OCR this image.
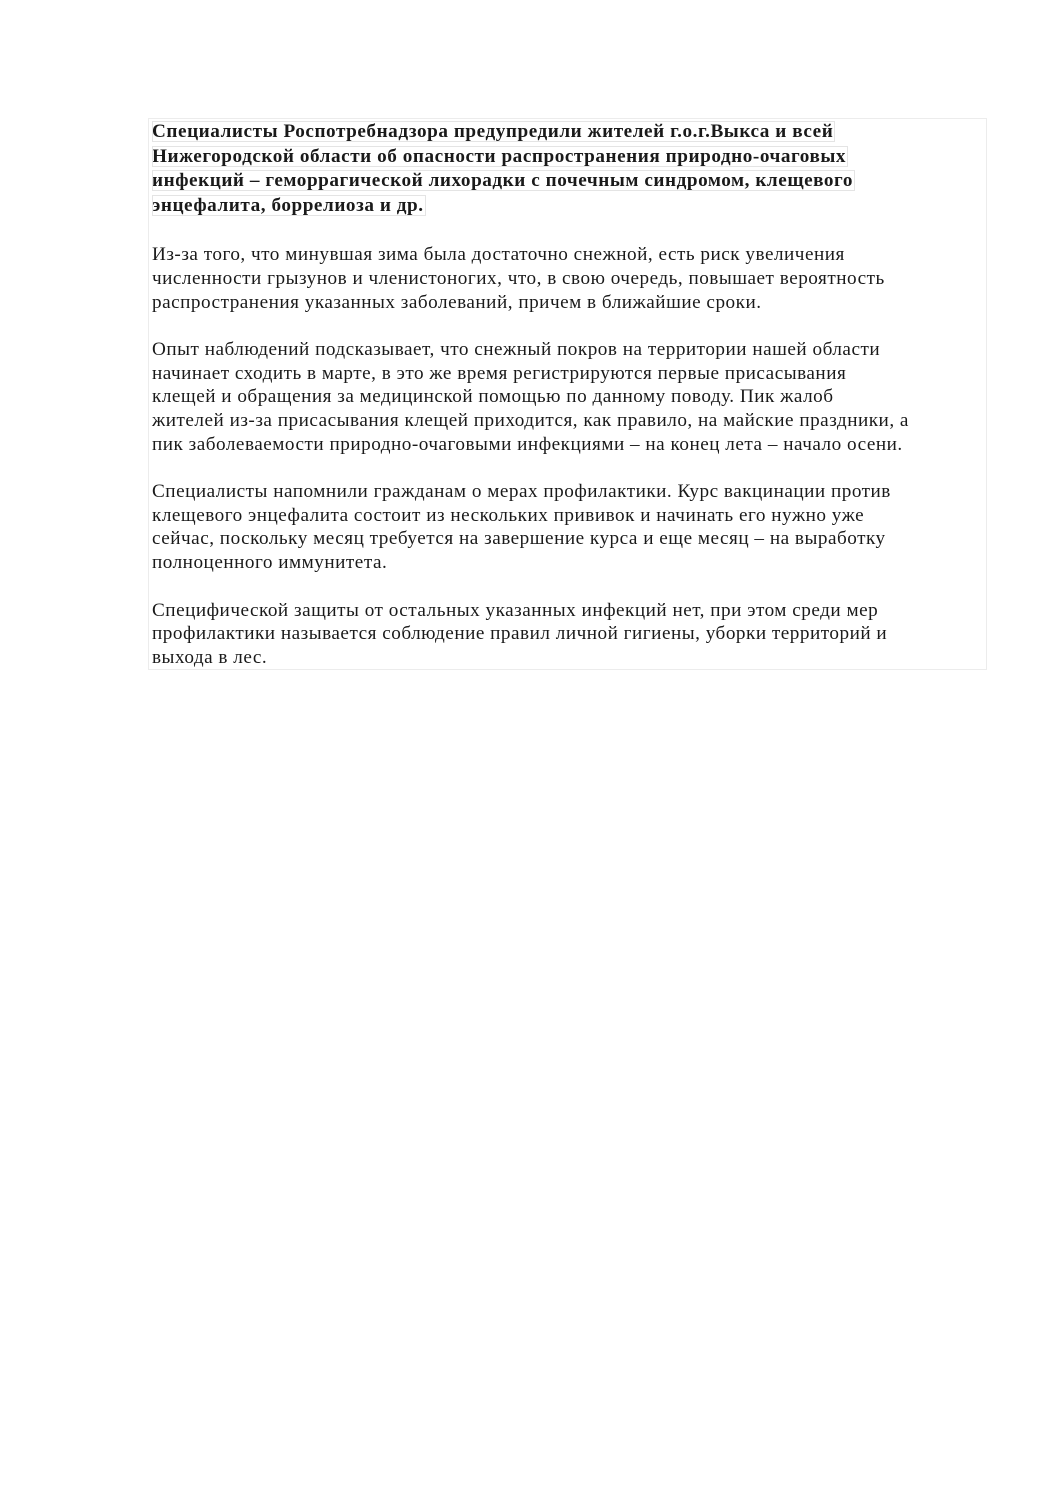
Специалисты Роспотребнадзора предупредили жителей г.о.г.Выкса и всей
Нижегородской области об опасности распространения природно-очаговых
инфекций – геморрагической лихорадки с почечным синдромом, клещевого
энцефалита, боррелиоза и др.
Из-за того, что минувшая зима была достаточно снежной, есть риск увеличения
численности грызунов и членистоногих, что, в свою очередь, повышает вероятность
распространения указанных заболеваний, причем в ближайшие сроки.
Опыт наблюдений подсказывает, что снежный покров на территории нашей области
начинает сходить в марте, в это же время регистрируются первые присасывания
клещей и обращения за медицинской помощью по данному поводу. Пик жалоб
жителей из-за присасывания клещей приходится, как правило, на майские праздники, а
пик заболеваемости природно-очаговыми инфекциями – на конец лета – начало осени.
Специалисты напомнили гражданам о мерах профилактики. Курс вакцинации против
клещевого энцефалита состоит из нескольких прививок и начинать его нужно уже
сейчас, поскольку месяц требуется на завершение курса и еще месяц – на выработку
полноценного иммунитета.
Специфической защиты от остальных указанных инфекций нет, при этом среди мер
профилактики называется соблюдение правил личной гигиены, уборки территорий и
выхода в лес.
